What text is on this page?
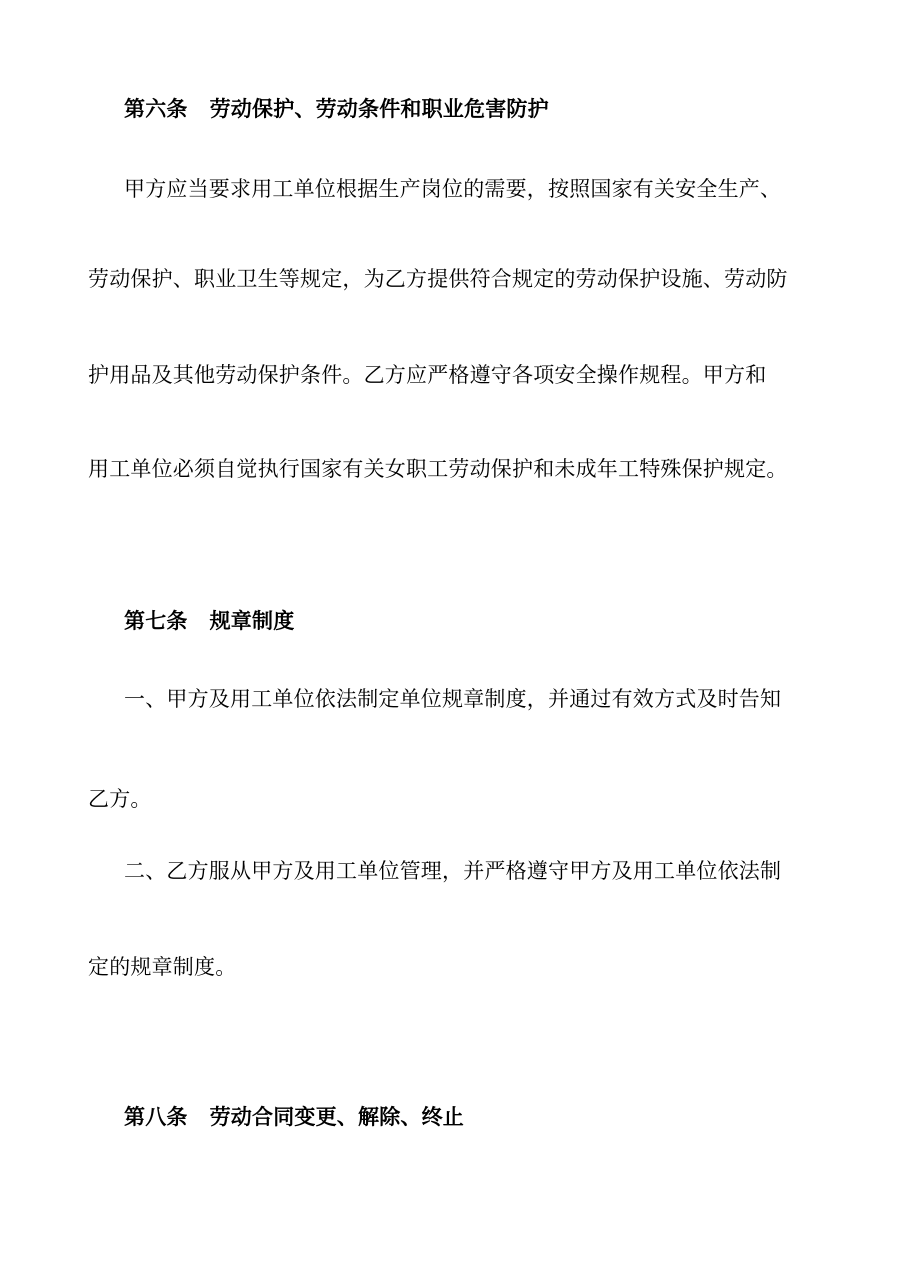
第六条 劳动保护、劳动条件和职业危害防护
甲方应当要求用工单位根据生产岗位的需要，按照国家有关安全生产、
劳动保护、职业卫生等规定，为乙方提供符合规定的劳动保护设施、劳动防
护用品及其他劳动保护条件。乙方应严格遵守各项安全操作规程。甲方和
用工单位必须自觉执行国家有关女职工劳动保护和未成年工特殊保护规定。
第七条 规章制度
一、甲方及用工单位依法制定单位规章制度，并通过有效方式及时告知
乙方。
二、乙方服从甲方及用工单位管理，并严格遵守甲方及用工单位依法制
定的规章制度。
第八条 劳动合同变更、解除、终止
